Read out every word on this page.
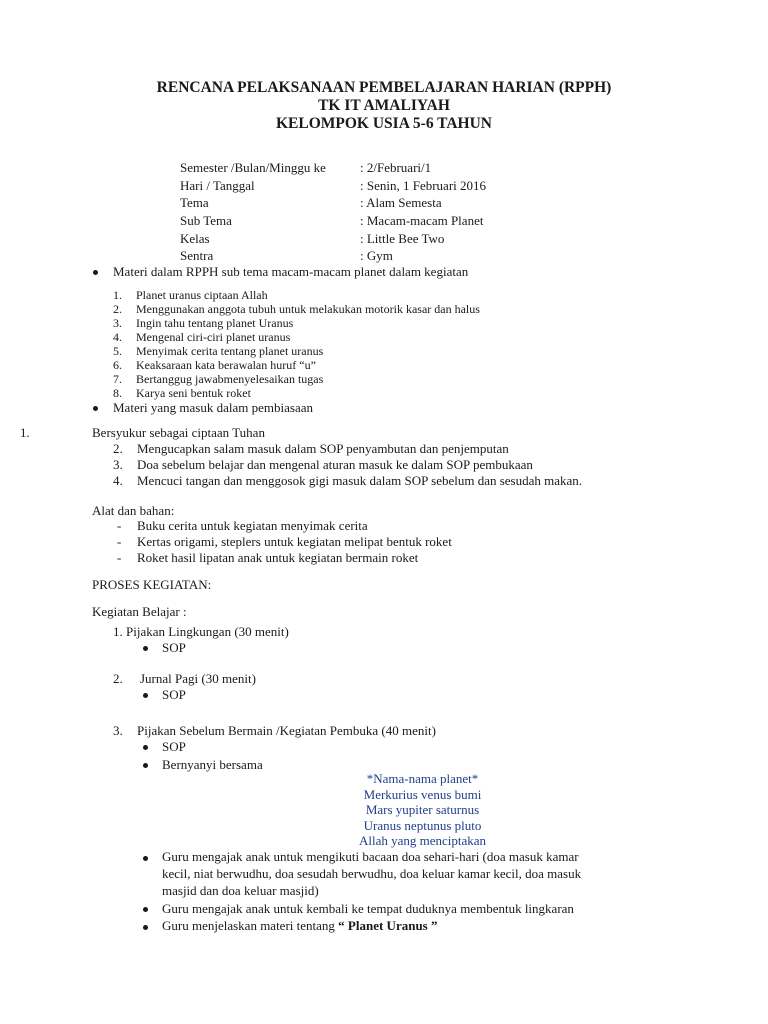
RENCANA PELAKSANAAN PEMBELAJARAN HARIAN (RPPH)
TK IT AMALIYAH
KELOMPOK USIA 5-6 TAHUN
Semester /Bulan/Minggu ke	: 2/Februari/1
Hari / Tanggal	: Senin, 1 Februari 2016
Tema	: Alam Semesta
Sub Tema	: Macam-macam Planet
Kelas	: Little Bee Two
Sentra	: Gym
Materi dalam RPPH sub tema macam-macam planet dalam kegiatan
1. Planet uranus ciptaan Allah
2. Menggunakan anggota tubuh untuk melakukan motorik kasar dan halus
3. Ingin tahu tentang planet Uranus
4. Mengenal ciri-ciri planet uranus
5. Menyimak cerita tentang planet uranus
6. Keaksaraan kata berawalan huruf “u”
7. Bertanggug jawabmenyelesaikan tugas
8. Karya seni bentuk roket
Materi yang masuk dalam pembiasaan
1.	Bersyukur sebagai ciptaan Tuhan
2. Mengucapkan salam masuk dalam SOP penyambutan dan penjemputan
3. Doa sebelum belajar dan mengenal aturan masuk ke dalam SOP pembukaan
4. Mencuci tangan dan menggosok gigi masuk dalam SOP sebelum dan sesudah makan.
Alat dan bahan:
- Buku cerita untuk kegiatan menyimak cerita
- Kertas origami, steplers untuk kegiatan melipat bentuk roket
- Roket hasil lipatan anak untuk kegiatan bermain roket
PROSES KEGIATAN:
Kegiatan Belajar :
1. Pijakan Lingkungan (30 menit)
SOP
2. Jurnal Pagi (30 menit)
SOP
3. Pijakan Sebelum Bermain /Kegiatan Pembuka (40 menit)
SOP
Bernyanyi bersama
*Nama-nama planet*
Merkurius venus bumi
Mars yupiter saturnus
Uranus neptunus pluto
Allah yang menciptakan
Guru mengajak anak untuk mengikuti bacaan doa sehari-hari (doa masuk kamar
kecil, niat berwudhu, doa sesudah berwudhu, doa keluar kamar kecil, doa masuk
masjid dan doa keluar masjid)
Guru mengajak anak untuk kembali ke tempat duduknya membentuk lingkaran
Guru menjelaskan materi tentang “ Planet Uranus ”
